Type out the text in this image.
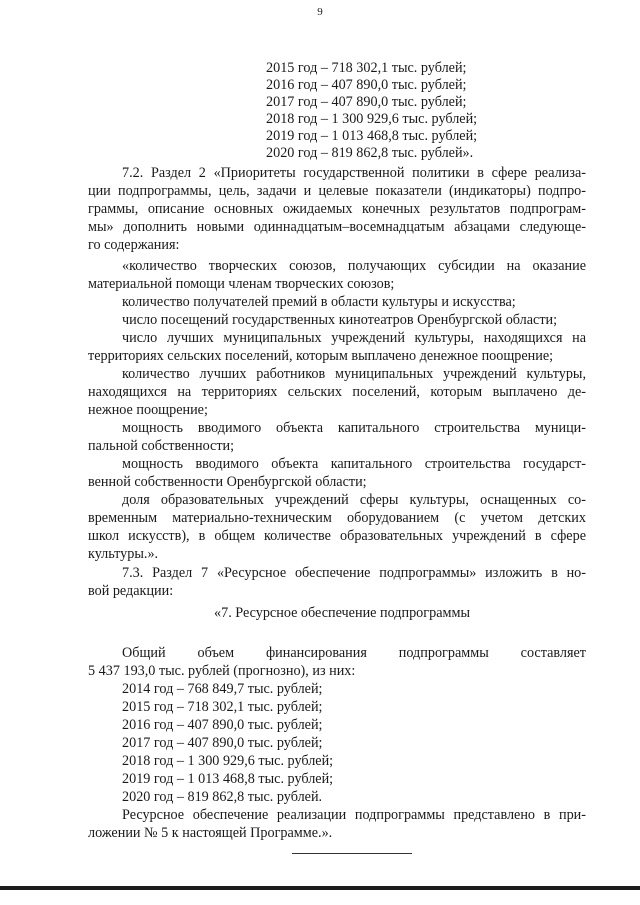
9
2015 год – 718 302,1 тыс. рублей;
2016 год – 407 890,0 тыс. рублей;
2017 год – 407 890,0 тыс. рублей;
2018 год – 1 300 929,6 тыс. рублей;
2019 год – 1 013 468,8 тыс. рублей;
2020 год – 819 862,8 тыс. рублей».
7.2. Раздел 2 «Приоритеты государственной политики в сфере реализа-
ции подпрограммы, цель, задачи и целевые показатели (индикаторы) подпро-
граммы, описание основных ожидаемых конечных результатов подпрограм-
мы» дополнить новыми одиннадцатым–восемнадцатым абзацами следующе-
го содержания:
«количество творческих союзов, получающих субсидии на оказание
материальной помощи членам творческих союзов;
количество получателей премий в области культуры и искусства;
число посещений государственных кинотеатров Оренбургской области;
число лучших муниципальных учреждений культуры, находящихся на
территориях сельских поселений, которым выплачено денежное поощрение;
количество лучших работников муниципальных учреждений культуры,
находящихся на территориях сельских поселений, которым выплачено де-
нежное поощрение;
мощность вводимого объекта капитального строительства муници-
пальной собственности;
мощность вводимого объекта капитального строительства государст-
венной собственности Оренбургской области;
доля образовательных учреждений сферы культуры, оснащенных со-
временным материально-техническим оборудованием (с учетом детских
школ искусств), в общем количестве образовательных учреждений в сфере
культуры.».
7.3. Раздел 7 «Ресурсное обеспечение подпрограммы» изложить в но-
вой редакции:
«7. Ресурсное обеспечение подпрограммы
Общий объем финансирования подпрограммы составляет
5 437 193,0 тыс. рублей (прогнозно), из них:
2014 год – 768 849,7 тыс. рублей;
2015 год – 718 302,1 тыс. рублей;
2016 год – 407 890,0 тыс. рублей;
2017 год – 407 890,0 тыс. рублей;
2018 год – 1 300 929,6 тыс. рублей;
2019 год – 1 013 468,8 тыс. рублей;
2020 год – 819 862,8 тыс. рублей.
Ресурсное обеспечение реализации подпрограммы представлено в при-
ложении № 5 к настоящей Программе.».
